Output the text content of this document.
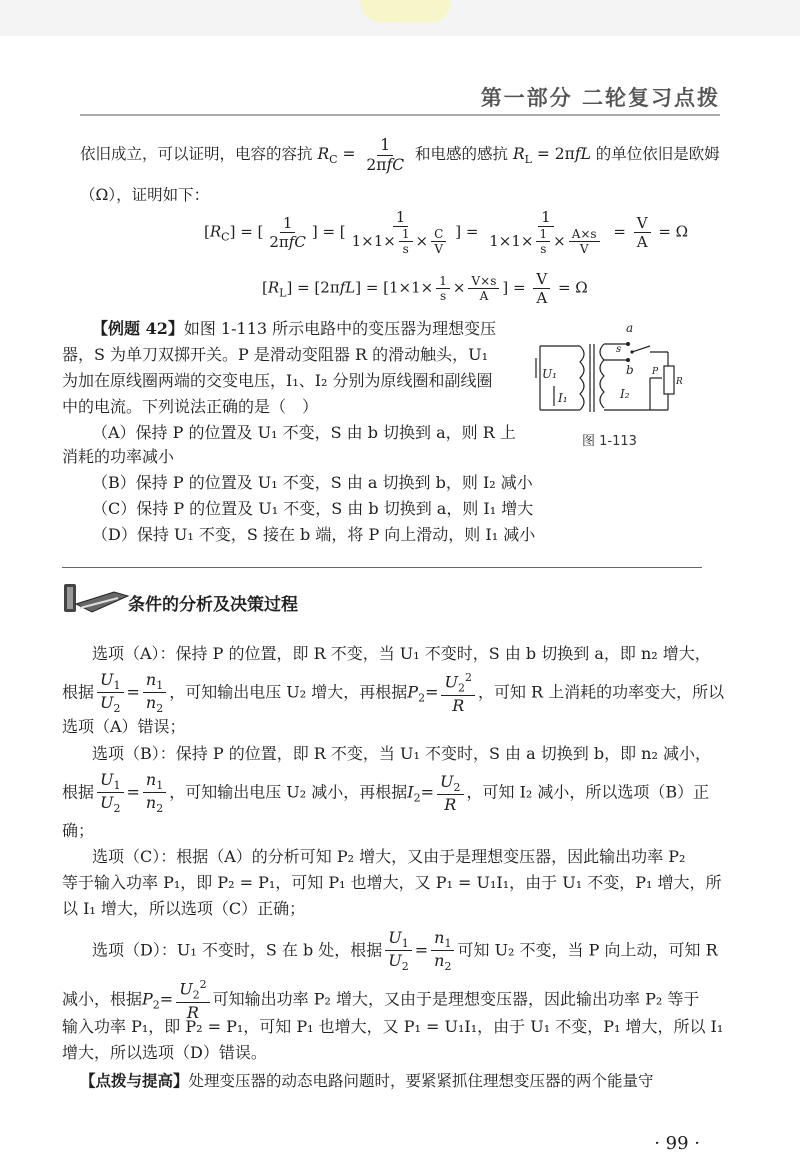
第一部分 二轮复习点拨
依旧成立，可以证明，电容的容抗 $R_C = \frac{1}{\text{2πfC}}$ 和电感的感抗 $R_L = 2\pi fL$ 的单位依旧是欧姆
（Ω），证明如下：
$[R_C]$ = [ $\frac{1}{\text{2πfC}}$ ] = [ $\frac{1}{1\times 1\times \frac{1}{s} \times \frac{C}{V}}$ ] = $\frac{1}{1\times 1\times \frac{1}{s} \times \frac{A\times s}{V}} = \frac{V}{A} = \Omega$
$[R_L] = [2\pi fL] = [1\times 1\times \frac{1}{s} \times \frac{V\times s}{A}$ ] = $\frac{V}{A} = \Omega$
【例题 42】如图 1-113 所示电路中的变压器为理想变压
器，S 为单刀双掷开关。P 是滑动变阻器 R 的滑动触头，U₁
为加在原线圈两端的交变电压，I₁、I₂ 分别为原线圈和副线圈
中的电流。下列说法正确的是（　）
（A）保持 P 的位置及 U₁ 不变，S 由 b 切换到 a，则 R 上
消耗的功率减小
（B）保持 P 的位置及 U₁ 不变，S 由 a 切换到 b，则 I₂ 减小
（C）保持 P 的位置及 U₁ 不变，S 由 b 切换到 a，则 I₁ 增大
（D）保持 U₁ 不变，S 接在 b 端，将 P 向上滑动，则 I₁ 减小
a
s
b
U₁
I₁	I₂
P
R
图 1-113
条件的分析及决策过程
选项（A）：保持 P 的位置，即 R 不变，当 U₁ 不变时，S 由 b 切换到 a，即 n₂ 增大，
根据 $\frac{U_1}{U_2} = \frac{n_1}{n_2}$ ，可知输出电压 U₂ 增大，再根据$P_2= \frac{U_2^2}{R}$ ，可知 R 上消耗的功率变大，所以
选项（A）错误；
选项（B）：保持 P 的位置，即 R 不变，当 U₁ 不变时，S 由 a 切换到 b，即 n₂ 减小，
根据 $\frac{U_1}{U_2} = \frac{n_1}{n_2}$ ，可知输出电压 U₂ 减小，再根据$I_2= \frac{U_2}{R}$ ，可知 I₂ 减小，所以选项（B）正
确；
选项（C）：根据（A）的分析可知 P₂ 增大，又由于是理想变压器，因此输出功率 P₂
等于输入功率 P₁，即 P₂ = P₁，可知 P₁ 也增大，又 P₁ = U₁I₁，由于 U₁ 不变，P₁ 增大，所
以 I₁ 增大，所以选项（C）正确；
选项（D）：U₁ 不变时，S 在 b 处，根据 $\frac{U_1}{U_2} = \frac{n_1}{n_2}$ 可知 U₂ 不变，当 P 向上动，可知 R
减小，根据$P_2= \frac{U_2^2}{R}$ 可知输出功率 P₂ 增大，又由于是理想变压器，因此输出功率 P₂ 等于
输入功率 P₁，即 P₂ = P₁，可知 P₁ 也增大，又 P₁ = U₁I₁，由于 U₁ 不变，P₁ 增大，所以 I₁
增大，所以选项（D）错误。
【点拨与提高】处理变压器的动态电路问题时，要紧紧抓住理想变压器的两个能量守
· 99 ·
